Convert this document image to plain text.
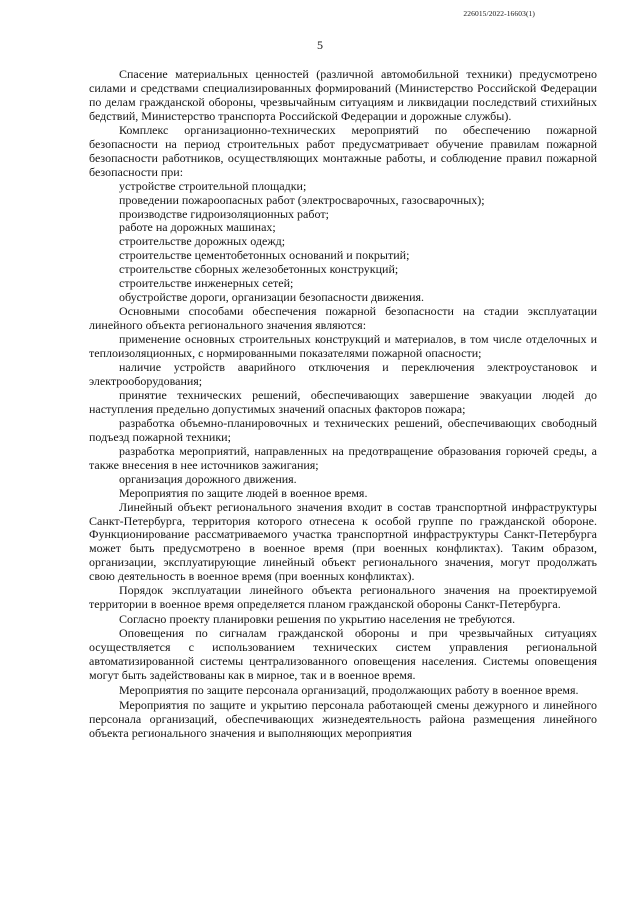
226015/2022-16603(1)
5

Спасение материальных ценностей (различной автомобильной техники) предусмотрено силами и средствами специализированных формирований (Министерство Российской Федерации по делам гражданской обороны, чрезвычайным ситуациям и ликвидации последствий стихийных бедствий, Министерство транспорта Российской Федерации и дорожные службы).

Комплекс организационно-технических мероприятий по обеспечению пожарной безопасности на период строительных работ предусматривает обучение правилам пожарной безопасности работников, осуществляющих монтажные работы, и соблюдение правил пожарной безопасности при:

устройстве строительной площадки;

проведении пожароопасных работ (электросварочных, газосварочных);

производстве гидроизоляционных работ;

работе на дорожных машинах;

строительстве дорожных одежд;

строительстве цементобетонных оснований и покрытий;

строительстве сборных железобетонных конструкций;

строительстве инженерных сетей;

обустройстве дороги, организации безопасности движения.

Основными способами обеспечения пожарной безопасности на стадии эксплуатации линейного объекта регионального значения являются:

применение основных строительных конструкций и материалов, в том числе отделочных и теплоизоляционных, с нормированными показателями пожарной опасности;

наличие устройств аварийного отключения и переключения электроустановок и электрооборудования;

принятие технических решений, обеспечивающих завершение эвакуации людей до наступления предельно допустимых значений опасных факторов пожара;

разработка объемно-планировочных и технических решений, обеспечивающих свободный подъезд пожарной техники;

разработка мероприятий, направленных на предотвращение образования горючей среды, а также внесения в нее источников зажигания;

организация дорожного движения.

Мероприятия по защите людей в военное время.

Линейный объект регионального значения входит в состав транспортной инфраструктуры Санкт-Петербурга, территория которого отнесена к особой группе по гражданской обороне. Функционирование рассматриваемого участка транспортной инфраструктуры Санкт-Петербурга может быть предусмотрено в военное время (при военных конфликтах). Таким образом, организации, эксплуатирующие линейный объект регионального значения, могут продолжать свою деятельность в военное время (при военных конфликтах).

Порядок эксплуатации линейного объекта регионального значения на проектируемой территории в военное время определяется планом гражданской обороны Санкт-Петербурга.

Согласно проекту планировки решения по укрытию населения не требуются.

Оповещения по сигналам гражданской обороны и при чрезвычайных ситуациях осуществляется с использованием технических систем управления региональной автоматизированной системы централизованного оповещения населения. Системы оповещения могут быть задействованы как в мирное, так и в военное время.

Мероприятия по защите персонала организаций, продолжающих работу в военное время.

Мероприятия по защите и укрытию персонала работающей смены дежурного и линейного персонала организаций, обеспечивающих жизнедеятельность района размещения линейного объекта регионального значения и выполняющих мероприятия
